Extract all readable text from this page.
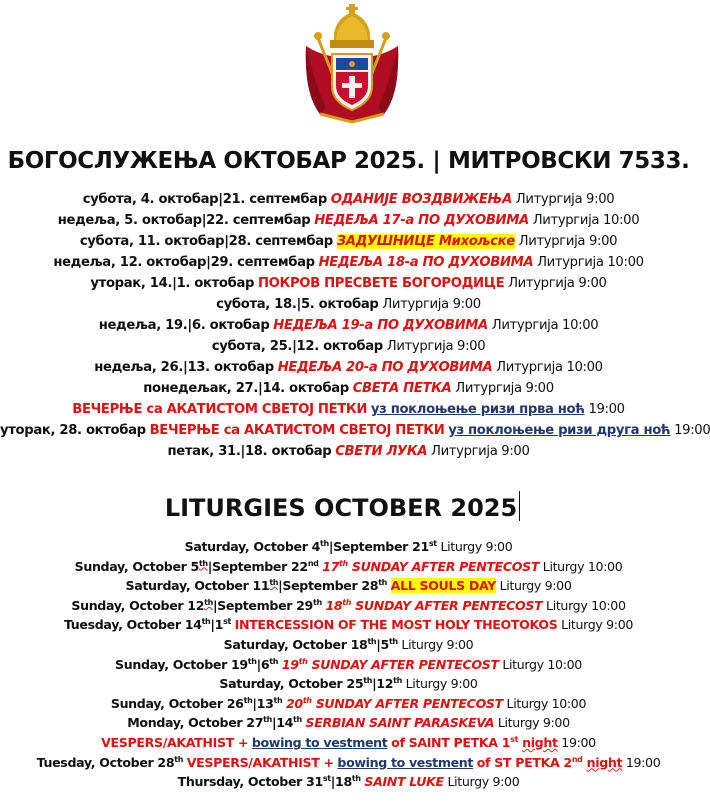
БОГОСЛУЖЕЊА ОКТОБАР 2025. | МИТРОВСКИ 7533.
субота, 4. октобар|21. септембар ОДАНИЈЕ ВОЗДВИЖЕЊА Литургија 9:00
недеља, 5. октобар|22. септембар НЕДЕЉА 17-а ПО ДУХОВИМА Литургија 10:00
субота, 11. октобар|28. септембар ЗАДУШНИЦЕ Михољске Литургија 9:00
недеља, 12. октобар|29. септембар НЕДЕЉА 18-а ПО ДУХОВИМА Литургија 10:00
уторак, 14.|1. октобар ПОКРОВ ПРЕСВЕТЕ БОГОРОДИЦЕ Литургија 9:00
субота, 18.|5. октобар Литургија 9:00
недеља, 19.|6. октобар НЕДЕЉА 19-а ПО ДУХОВИМА Литургија 10:00
субота, 25.|12. октобар Литургија 9:00
недеља, 26.|13. октобар НЕДЕЉА 20-а ПО ДУХОВИМА Литургија 10:00
понедељак, 27.|14. октобар СВЕТА ПЕТКА Литургија 9:00
ВЕЧЕРЊЕ са АКАТИСТОМ СВЕТОЈ ПЕТКИ уз поклоњење ризи прва ноћ 19:00
уторак, 28. октобар ВЕЧЕРЊЕ са АКАТИСТОМ СВЕТОЈ ПЕТКИ уз поклоњење ризи друга ноћ 19:00
петак, 31.|18. октобар СВЕТИ ЛУКА Литургија 9:00
LITURGIES OCTOBER 2025
Saturday, October 4th|September 21st Liturgy 9:00
Sunday, October 5th|September 22nd 17th SUNDAY AFTER PENTECOST Liturgy 10:00
Saturday, October 11th|September 28th ALL SOULS DAY Liturgy 9:00
Sunday, October 12th|September 29th 18th SUNDAY AFTER PENTECOST Liturgy 10:00
Tuesday, October 14th|1st INTERCESSION OF THE MOST HOLY THEOTOKOS Liturgy 9:00
Saturday, October 18th|5th Liturgy 9:00
Sunday, October 19th|6th 19th SUNDAY AFTER PENTECOST Liturgy 10:00
Saturday, October 25th|12th Liturgy 9:00
Sunday, October 26th|13th 20th SUNDAY AFTER PENTECOST Liturgy 10:00
Monday, October 27th|14th SERBIAN SAINT PARASKEVA Liturgy 9:00
VESPERS/AKATHIST + bowing to vestment of SAINT PETKA 1st night 19:00
Tuesday, October 28th VESPERS/AKATHIST + bowing to vestment of ST PETKA 2nd night 19:00
Thursday, October 31st|18th SAINT LUKE Liturgy 9:00
